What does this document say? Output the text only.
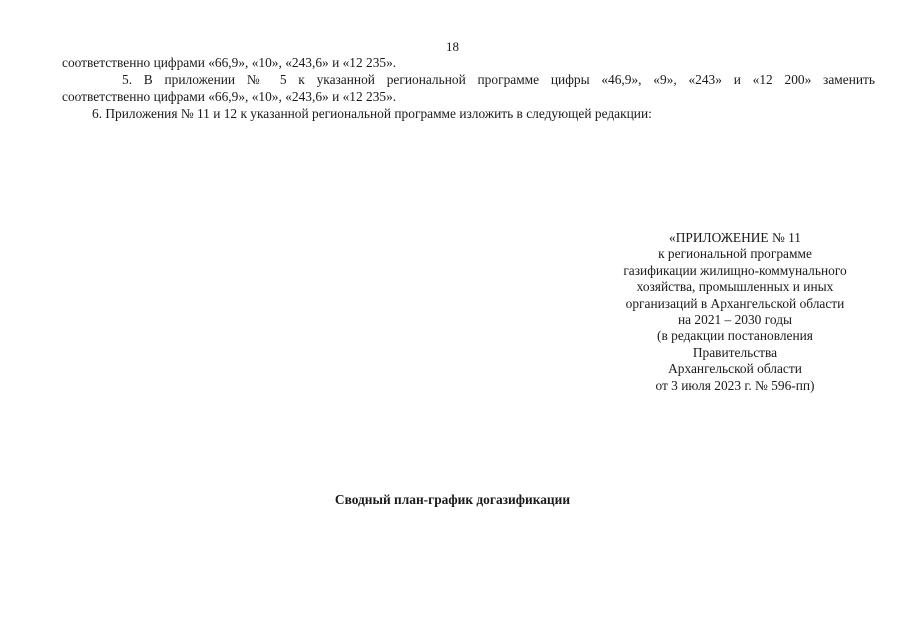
18
соответственно цифрами «66,9», «10», «243,6» и «12 235».
5. В приложении № 5 к указанной региональной программе цифры «46,9», «9», «243» и «12 200» заменить
соответственно цифрами «66,9», «10», «243,6» и «12 235».
6. Приложения № 11 и 12 к указанной региональной программе изложить в следующей редакции:
«ПРИЛОЖЕНИЕ № 11
к региональной программе
газификации жилищно-коммунального
хозяйства, промышленных и иных
организаций в Архангельской области
на 2021 – 2030 годы
(в редакции постановления
Правительства
Архангельской области
от 3 июля 2023 г. № 596-пп)
Сводный план-график догазификации
